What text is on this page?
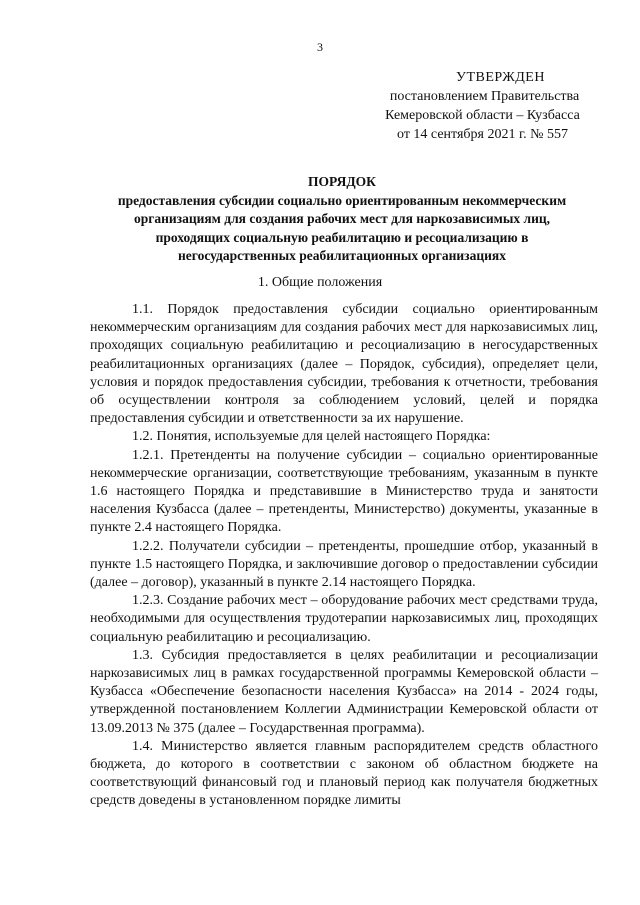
3
УТВЕРЖДЕН
постановлением Правительства
Кемеровской области – Кузбасса
от 14 сентября 2021 г. № 557
ПОРЯДОК
предоставления субсидии социально ориентированным некоммерческим
организациям для создания рабочих мест для наркозависимых лиц,
проходящих социальную реабилитацию и ресоциализацию в
негосударственных реабилитационных организациях
1. Общие положения

1.1. Порядок предоставления субсидии социально ориентированным некоммерческим организациям для создания рабочих мест для наркозависимых лиц, проходящих социальную реабилитацию и ресоциализацию в негосударственных реабилитационных организациях (далее – Порядок, субсидия), определяет цели, условия и порядок предоставления субсидии, требования к отчетности, требования об осуществлении контроля за соблюдением условий, целей и порядка предоставления субсидии и ответственности за их нарушение.

1.2. Понятия, используемые для целей настоящего Порядка:

1.2.1. Претенденты на получение субсидии – социально ориентированные некоммерческие организации, соответствующие требованиям, указанным в пункте 1.6 настоящего Порядка и представившие в Министерство труда и занятости населения Кузбасса (далее – претенденты, Министерство) документы, указанные в пункте 2.4 настоящего Порядка.

1.2.2. Получатели субсидии – претенденты, прошедшие отбор, указанный в пункте 1.5 настоящего Порядка, и заключившие договор о предоставлении субсидии (далее – договор), указанный в пункте 2.14 настоящего Порядка.

1.2.3. Создание рабочих мест – оборудование рабочих мест средствами труда, необходимыми для осуществления трудотерапии наркозависимых лиц, проходящих социальную реабилитацию и ресоциализацию.

1.3. Субсидия предоставляется в целях реабилитации и ресоциализации наркозависимых лиц в рамках государственной программы Кемеровской области – Кузбасса «Обеспечение безопасности населения Кузбасса» на 2014 - 2024 годы, утвержденной постановлением Коллегии Администрации Кемеровской области от 13.09.2013 № 375 (далее – Государственная программа).

1.4. Министерство является главным распорядителем средств областного бюджета, до которого в соответствии с законом об областном бюджете на соответствующий финансовый год и плановый период как получателя бюджетных средств доведены в установленном порядке лимиты
